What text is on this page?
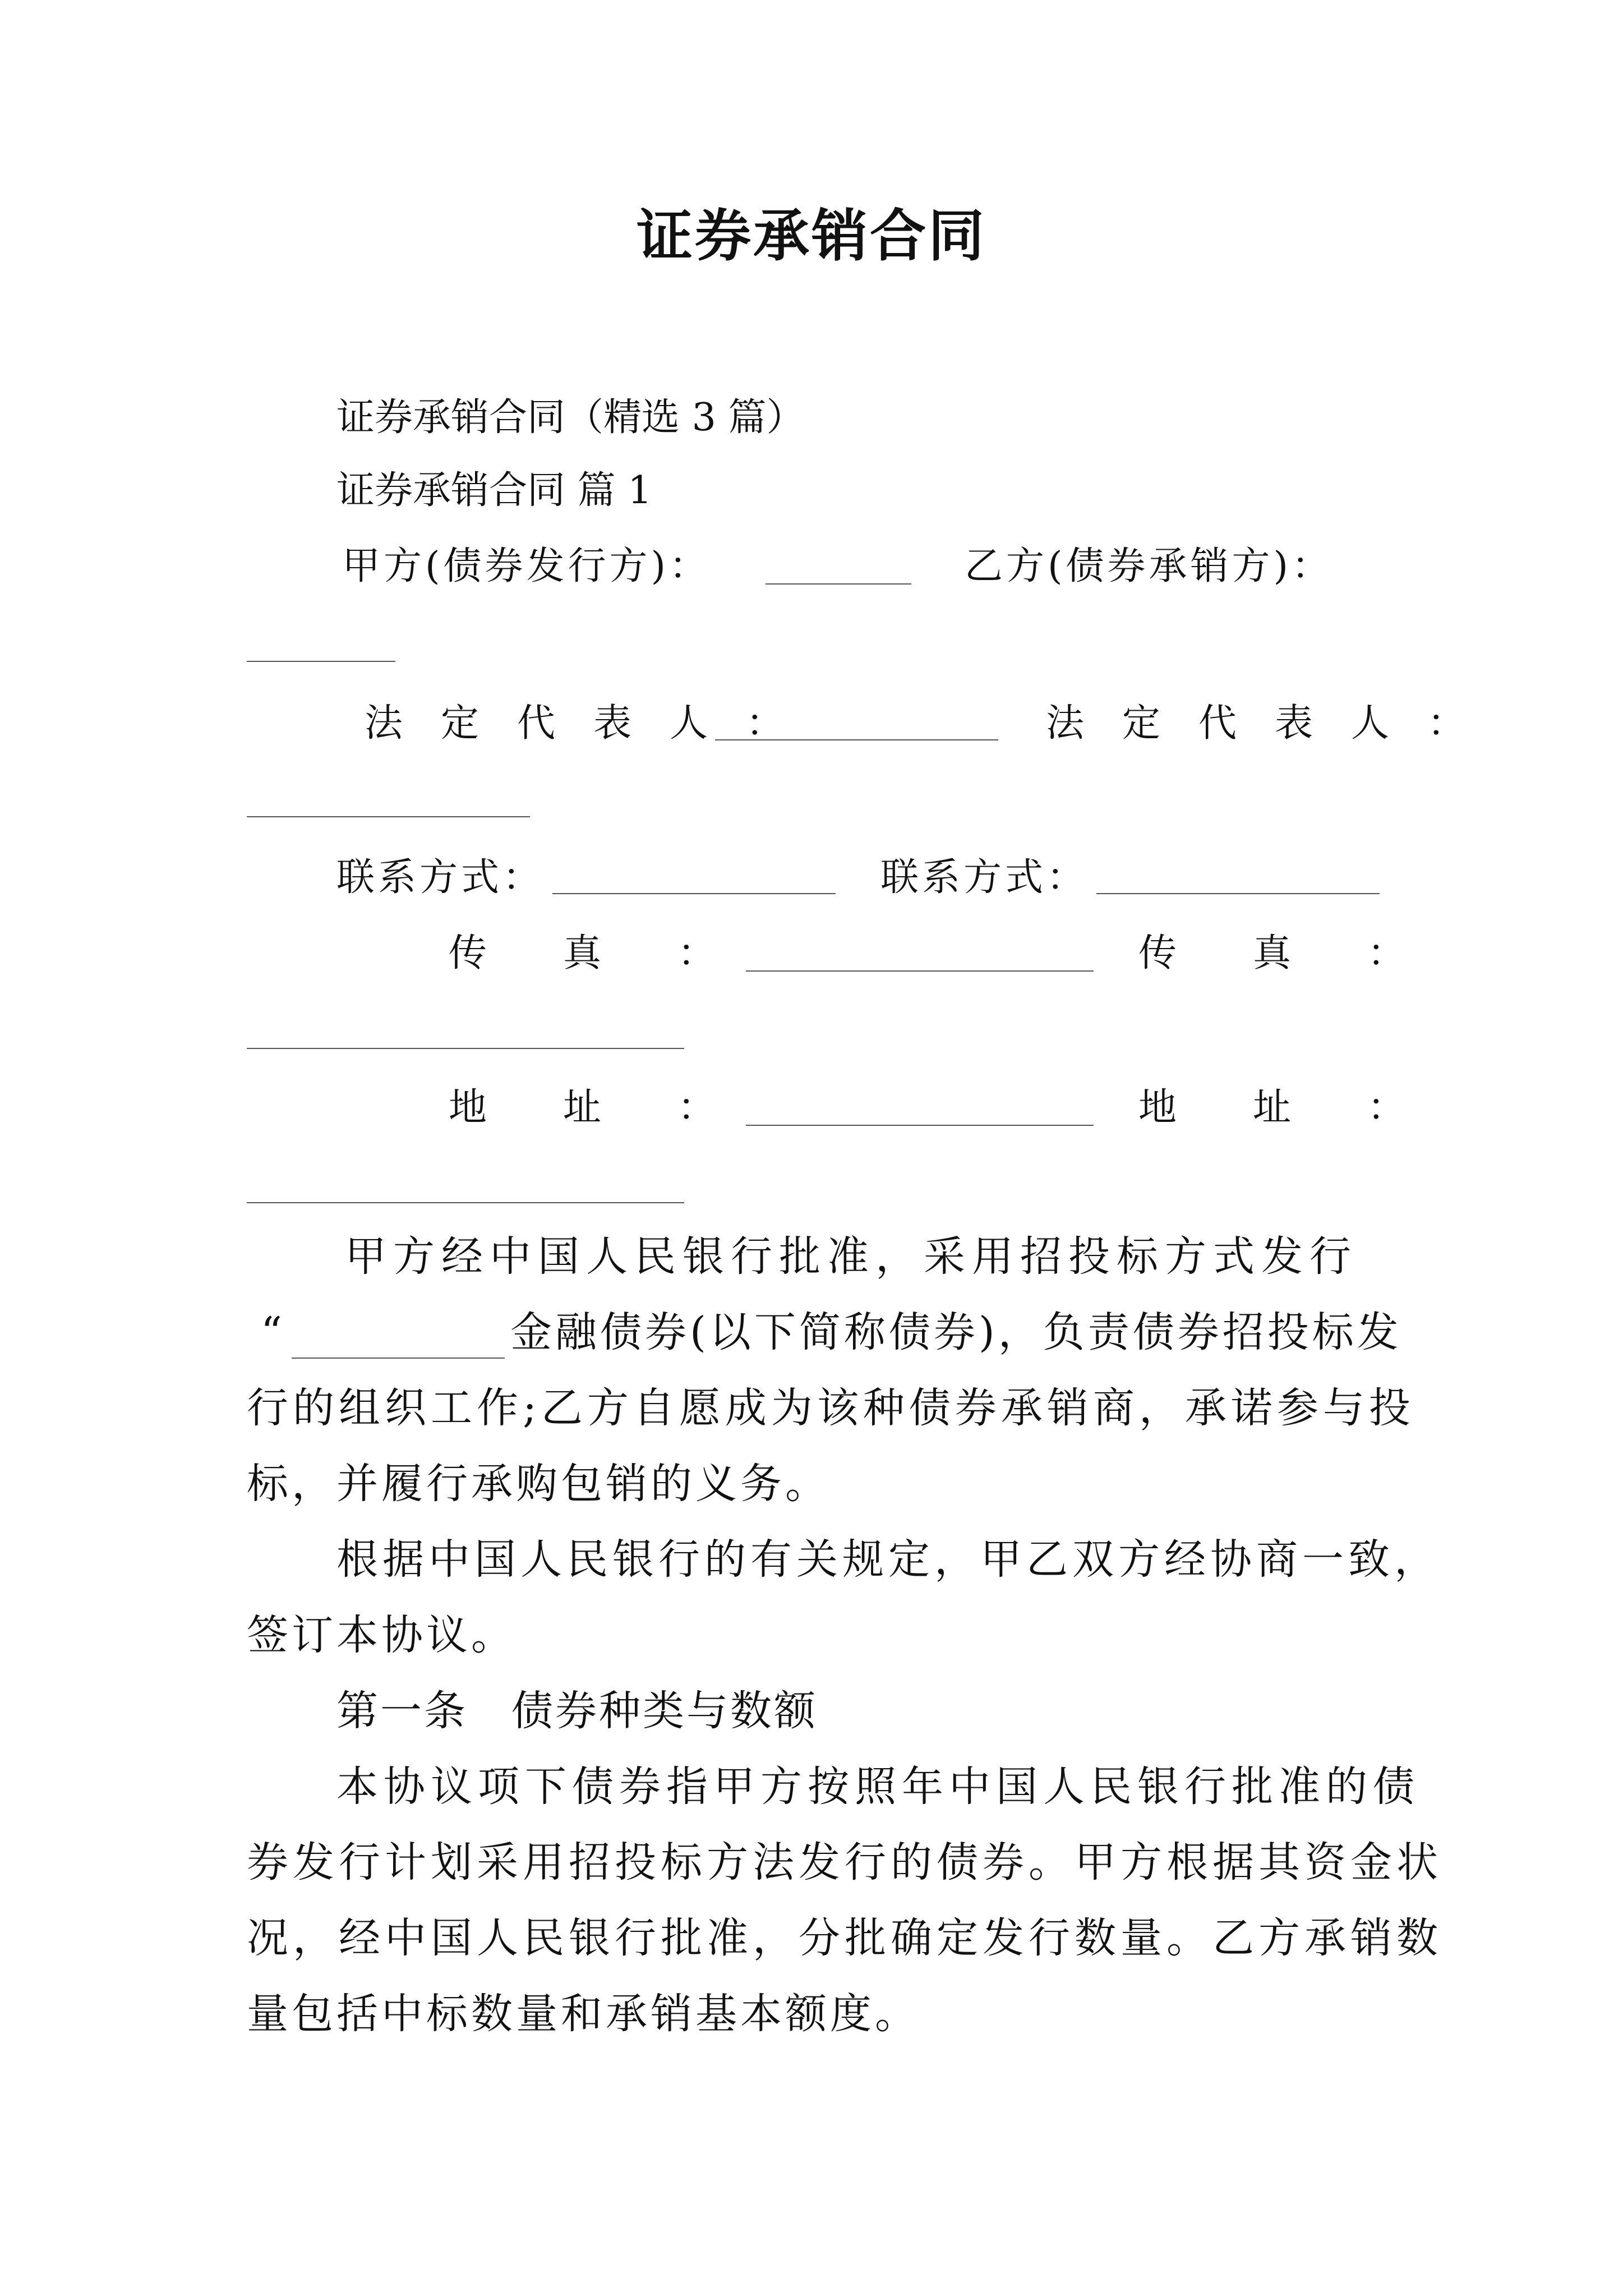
证券承销合同
证券承销合同（精选 3 篇）
证券承销合同 篇 1
甲方(债券发行方)：	乙方(债券承销方)：
法　定　代　表　人　：	法　定　代　表　人　：
联系方式：	联系方式：
传　　真　　：	传　　真　　：
地　　址　　：	地　　址　　：
甲方经中国人民银行批准，采用招投标方式发行
“	金融债券(以下简称债券)，负责债券招投标发
行的组织工作;乙方自愿成为该种债券承销商，承诺参与投
标，并履行承购包销的义务。
根据中国人民银行的有关规定，甲乙双方经协商一致，
签订本协议。
第一条　债券种类与数额
本协议项下债券指甲方按照年中国人民银行批准的债
券发行计划采用招投标方法发行的债券。甲方根据其资金状
况，经中国人民银行批准，分批确定发行数量。乙方承销数
量包括中标数量和承销基本额度。
